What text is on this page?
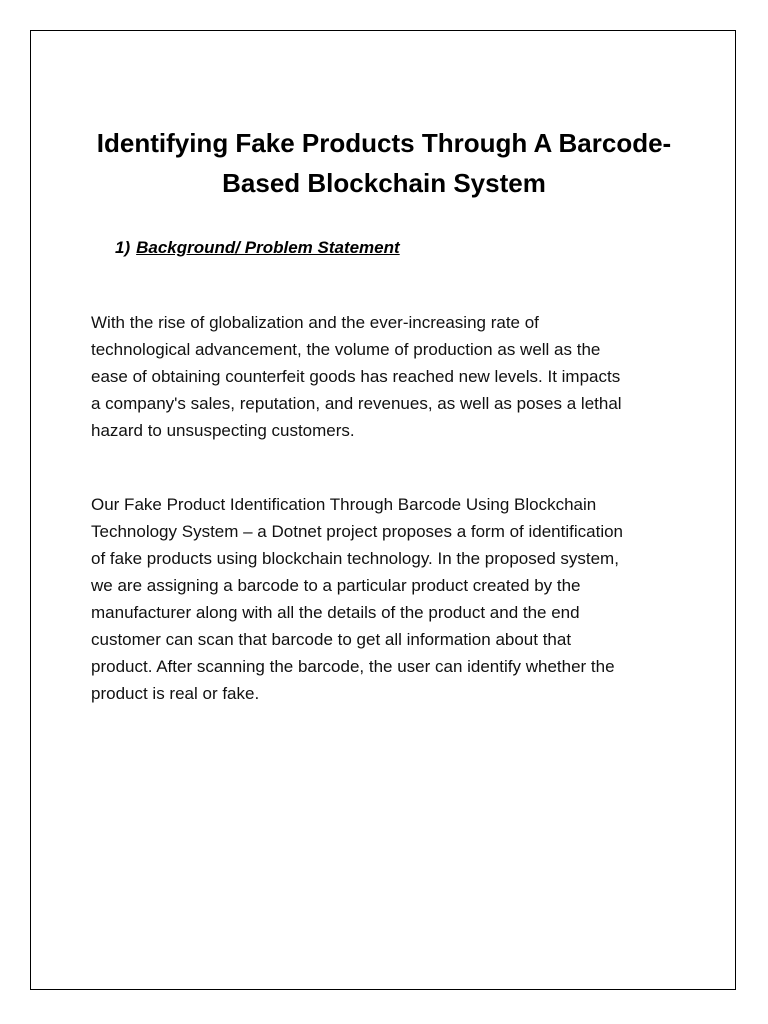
Identifying Fake Products Through A Barcode-
Based Blockchain System
1) Background/ Problem Statement

With the rise of globalization and the ever-increasing rate of
technological advancement, the volume of production as well as the
ease of obtaining counterfeit goods has reached new levels. It impacts
a company's sales, reputation, and revenues, as well as poses a lethal
hazard to unsuspecting customers.

Our Fake Product Identification Through Barcode Using Blockchain
Technology System – a Dotnet project proposes a form of identification
of fake products using blockchain technology. In the proposed system,
we are assigning a barcode to a particular product created by the
manufacturer along with all the details of the product and the end
customer can scan that barcode to get all information about that
product. After scanning the barcode, the user can identify whether the
product is real or fake.
